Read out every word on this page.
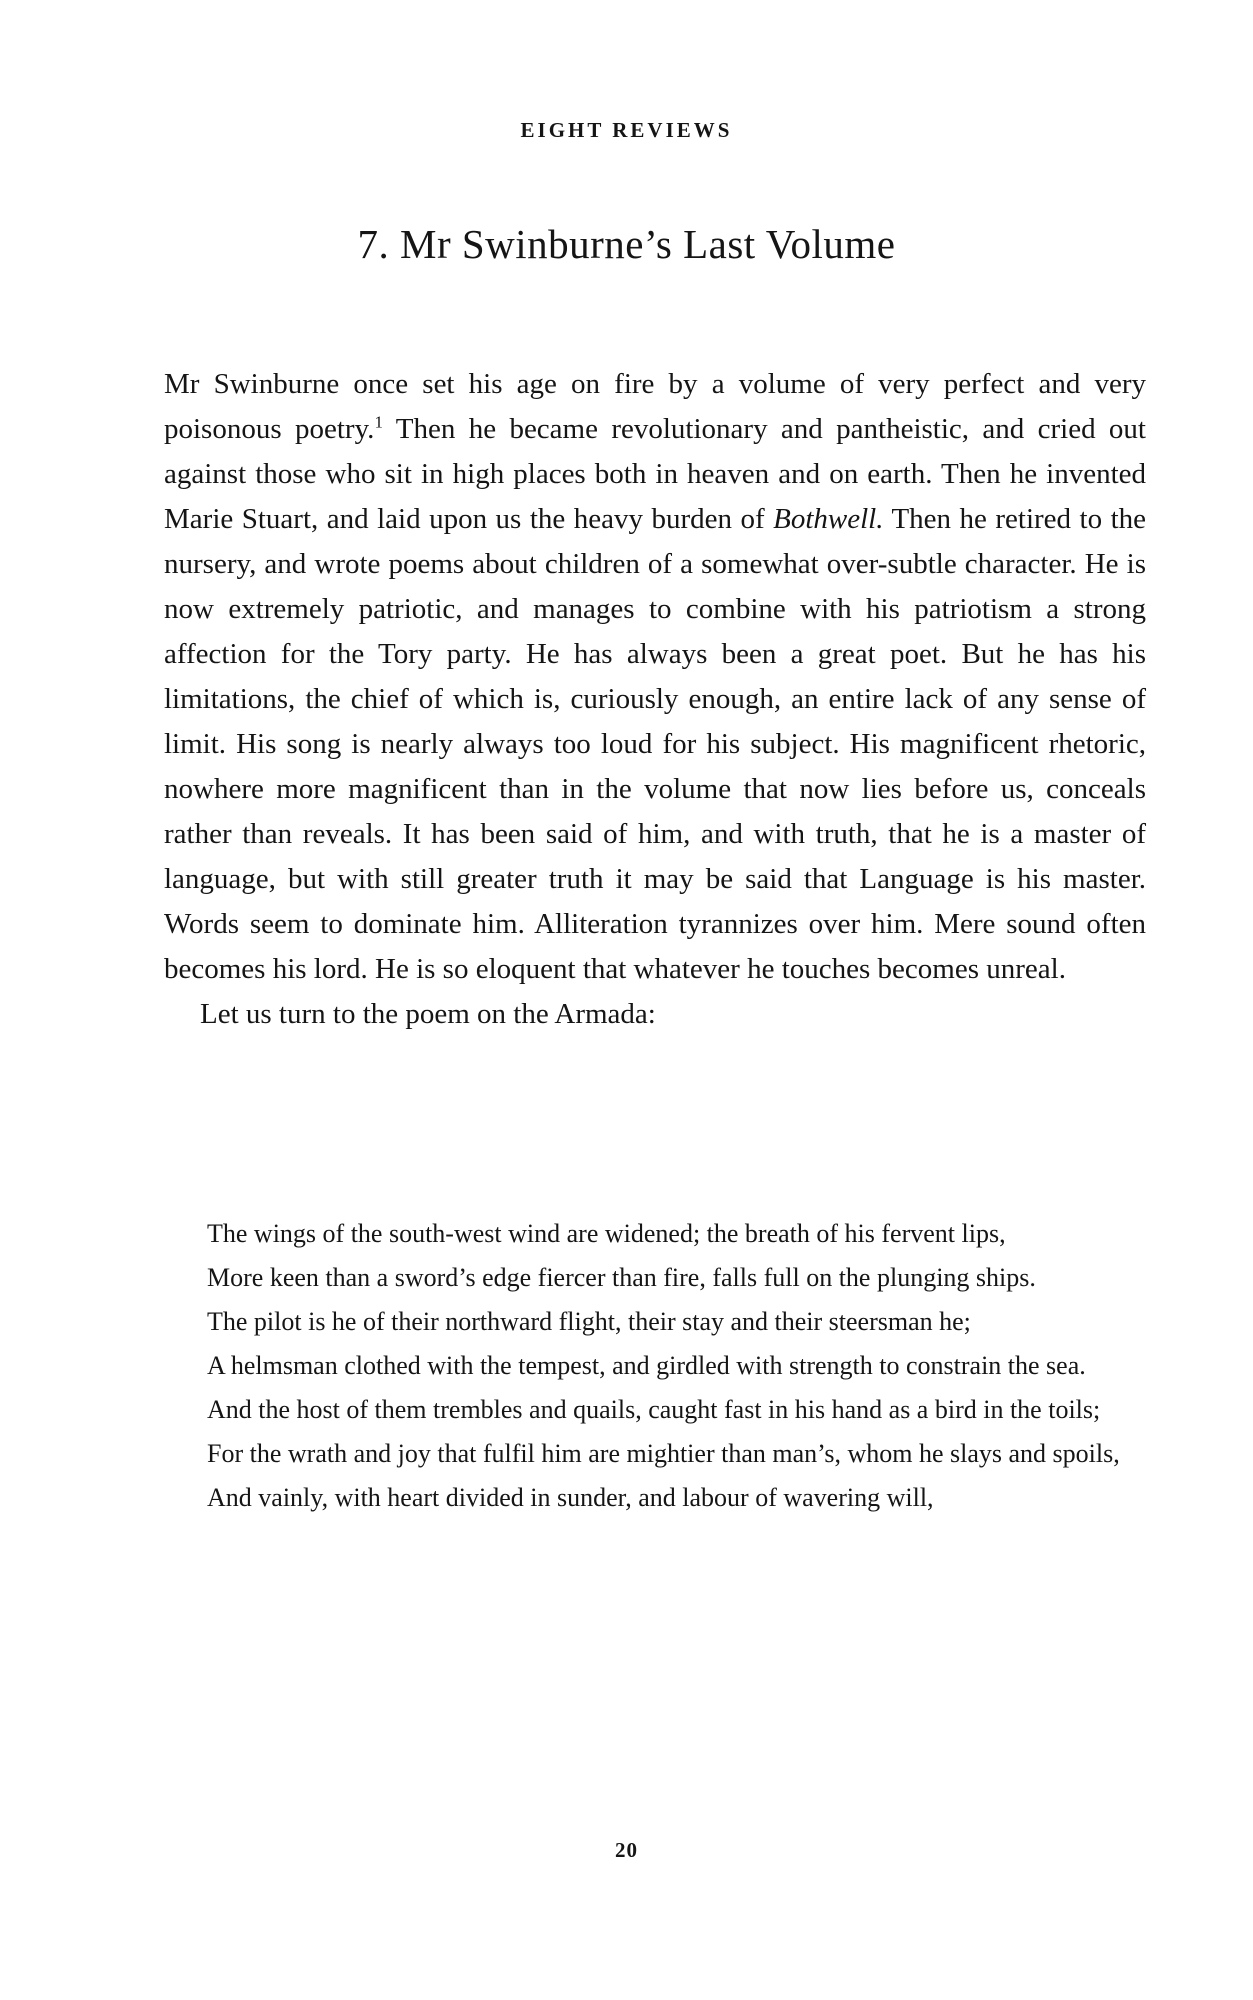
EIGHT REVIEWS
7. Mr Swinburne’s Last Volume

Mr Swinburne once set his age on fire by a volume of very perfect and very poisonous poetry.$^1$ Then he became revolutionary and pantheistic, and cried out against those who sit in high places both in heaven and on earth. Then he invented Marie Stuart, and laid upon us the heavy burden of Bothwell. Then he retired to the nursery, and wrote poems about children of a somewhat over-subtle character. He is now extremely patriotic, and manages to combine with his patriotism a strong affection for the Tory party. He has always been a great poet. But he has his limitations, the chief of which is, curiously enough, an entire lack of any sense of limit. His song is nearly always too loud for his subject. His magnificent rhetoric, nowhere more magnificent than in the volume that now lies before us, conceals rather than reveals. It has been said of him, and with truth, that he is a master of language, but with still greater truth it may be said that Language is his master. Words seem to dominate him. Alliteration tyrannizes over him. Mere sound often becomes his lord. He is so eloquent that whatever he touches becomes unreal.

Let us turn to the poem on the Armada:

The wings of the south-west wind are widened; the breath of his fervent lips,

More keen than a sword’s edge fiercer than fire, falls full on the plunging ships.

The pilot is he of their northward flight, their stay and their steersman he;

A helmsman clothed with the tempest, and girdled with strength to constrain the sea.

And the host of them trembles and quails, caught fast in his hand as a bird in the toils;

For the wrath and joy that fulfil him are mightier than man’s, whom he slays and spoils,

And vainly, with heart divided in sunder, and labour of wavering will,

20
